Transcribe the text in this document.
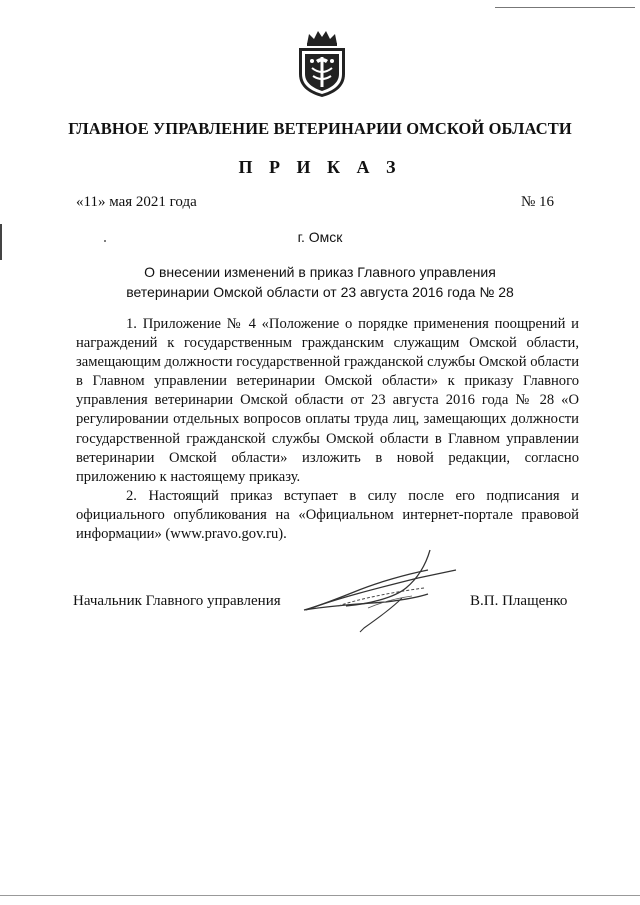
ГЛАВНОЕ УПРАВЛЕНИЕ ВЕТЕРИНАРИИ ОМСКОЙ ОБЛАСТИ
П Р И К А З
«11» мая 2021 года	№ 16
г. Омск
О внесении изменений в приказ Главного управления
ветеринарии Омской области от 23 августа 2016 года № 28

1. Приложение № 4 «Положение о порядке применения поощрений и награждений к государственным гражданским служащим Омской области, замещающим должности государственной гражданской службы Омской области в Главном управлении ветеринарии Омской области» к приказу Главного управления ветеринарии Омской области от 23 августа 2016 года № 28 «О регулировании отдельных вопросов оплаты труда лиц, замещающих должности государственной гражданской службы Омской области в Главном управлении ветеринарии Омской области» изложить в новой редакции, согласно приложению к настоящему приказу.

2. Настоящий приказ вступает в силу после его подписания и официального опубликования на «Официальном интернет-портале правовой информации» (www.pravo.gov.ru).

Начальник Главного управления	В.П. Плащенко
